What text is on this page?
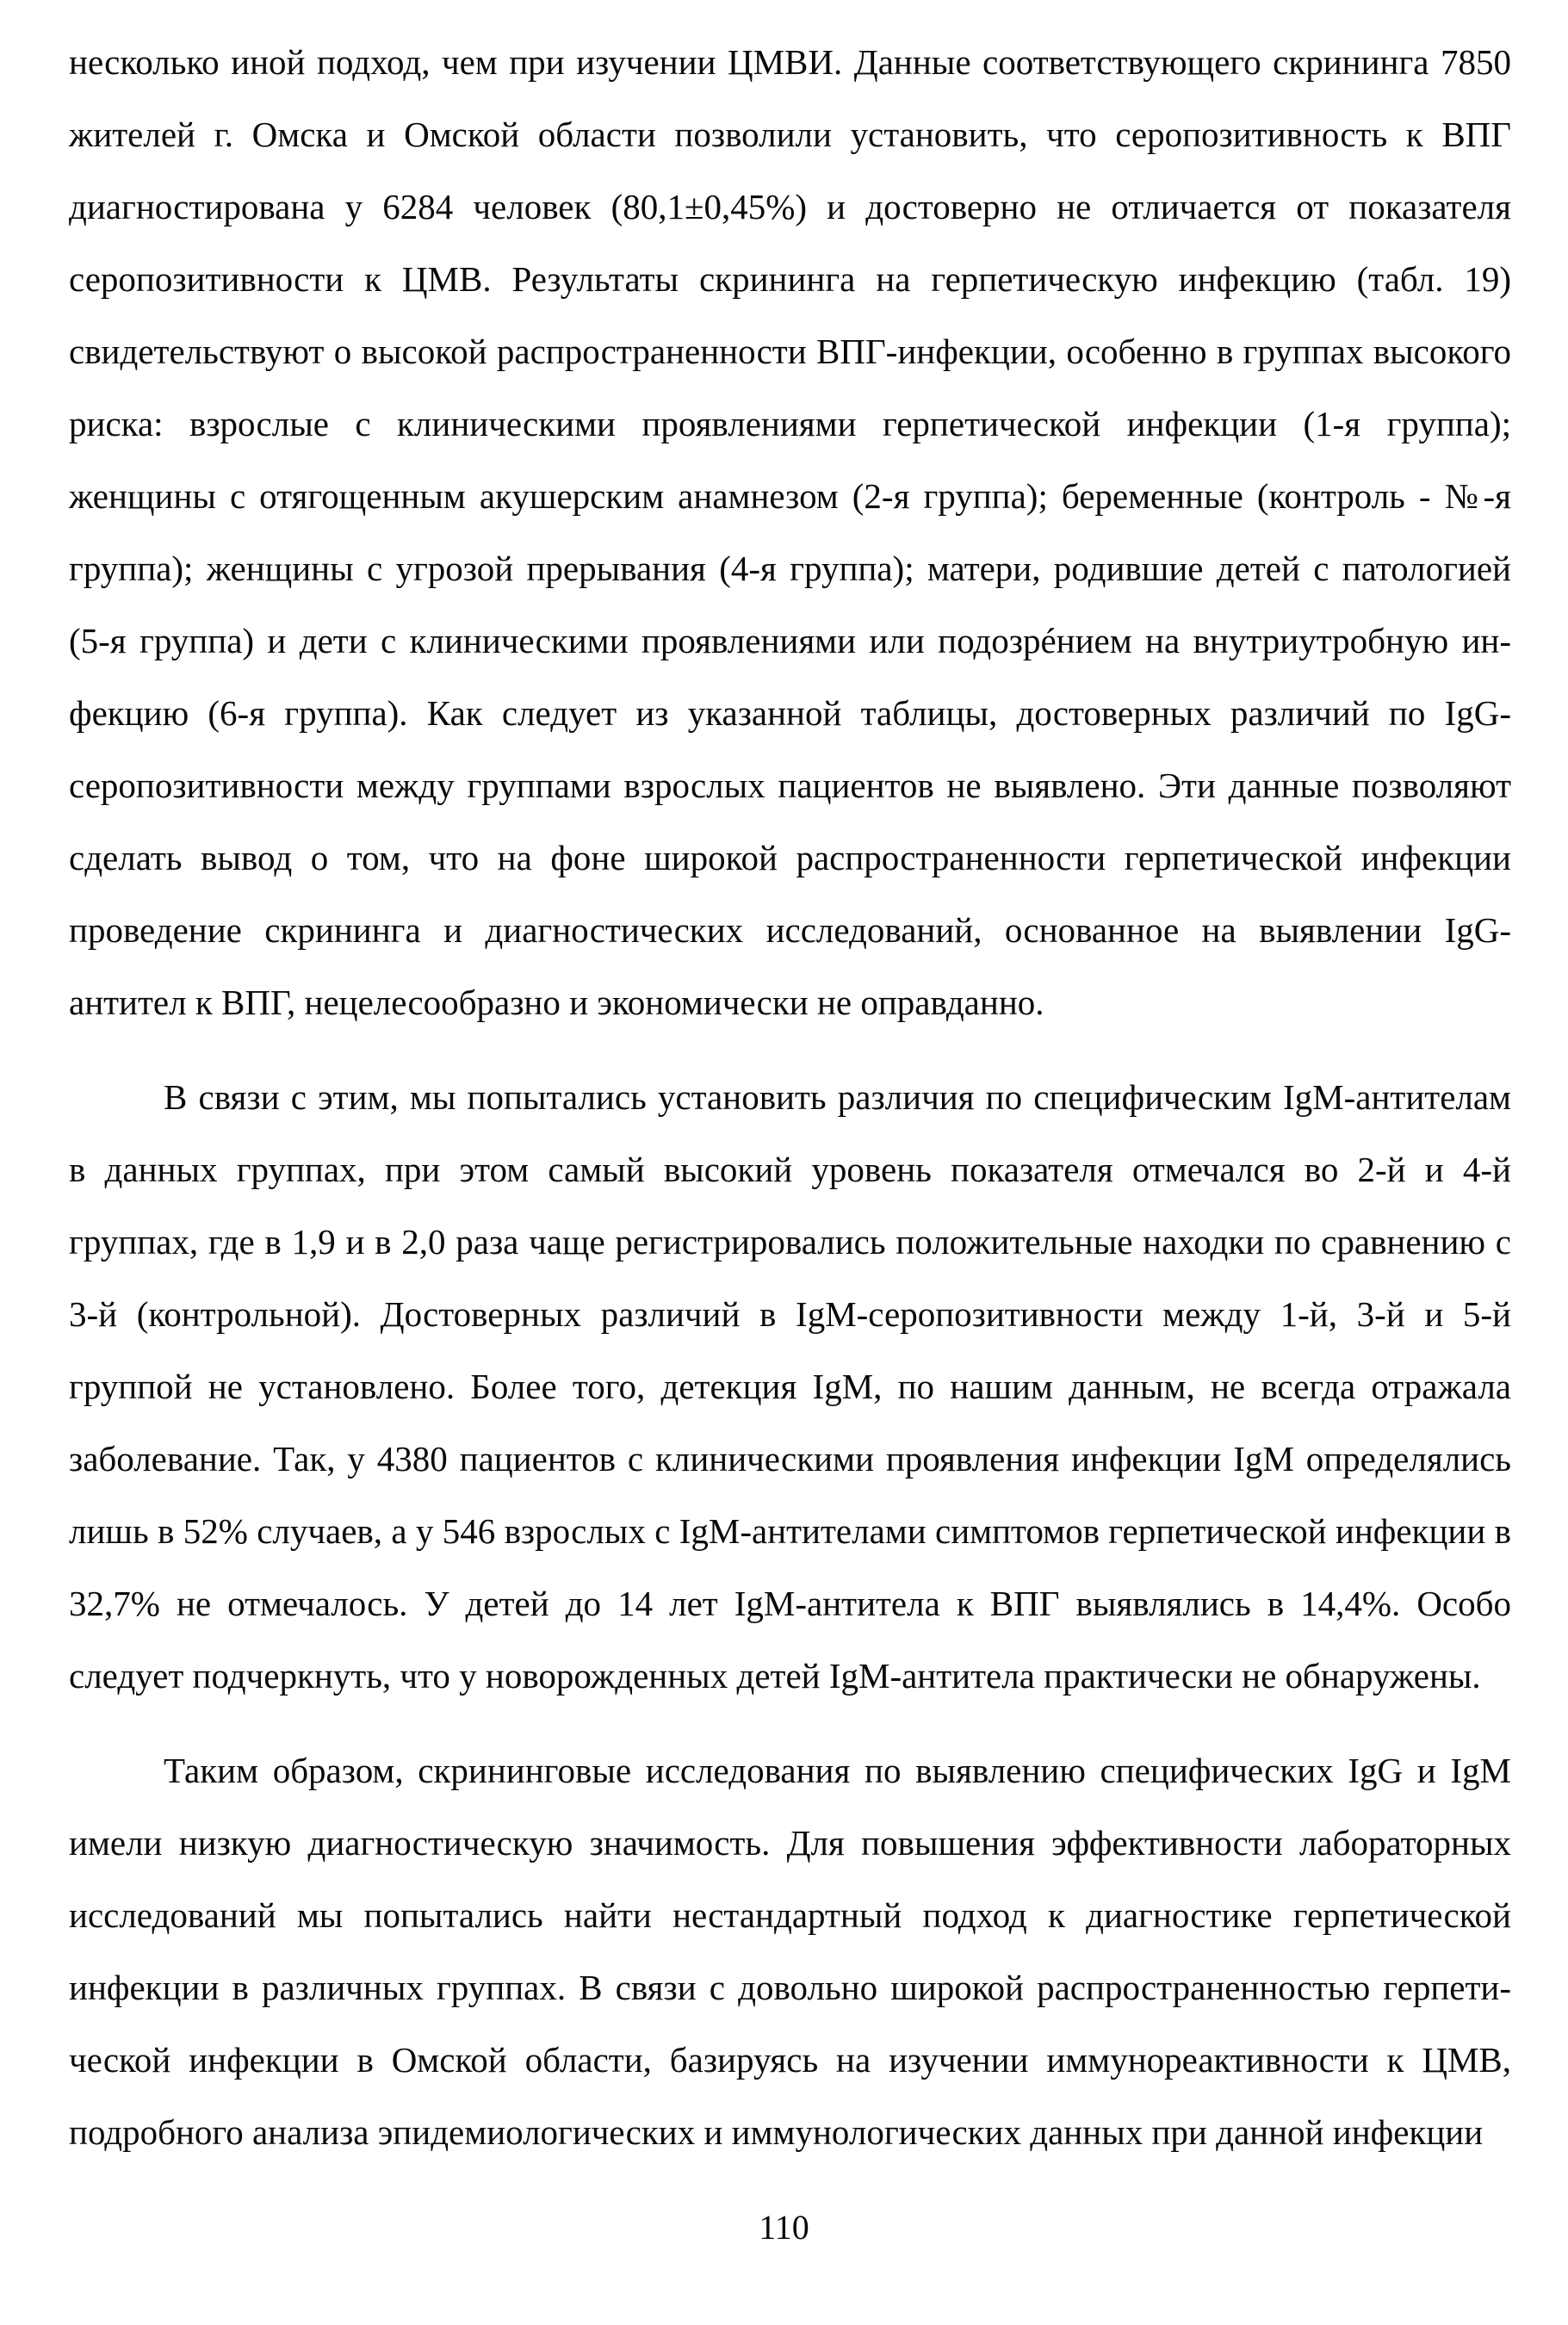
несколько иной подход, чем при изучении ЦМВИ. Данные соответствующего скрининга 7850 жителей г. Омска и Омской области позволили установить, что серопозитивность к ВПГ диагностирована у 6284 человек (80,1±0,45%) и достоверно не отличается от показателя серопозитивности к ЦМВ. Результаты скрининга на герпетическую инфекцию (табл. 19) свидетельствуют о высокой распространенности ВПГ-инфекции, особенно в группах высокого риска: взрослые с клиническими проявлениями герпетической инфекции (1-я группа); женщины с отягощенным акушерским анамнезом (2-я группа); беременные (контроль - №-я группа); женщины с угрозой прерывания (4-я группа); матери, родившие детей с патологией (5-я группа) и дети с клиническими проявлениями или подозрéнием на внутриутробную инфекцию (6-я группа). Как следует из указанной таблицы, достоверных различий по IgG-серопозитивности между группами взрослых пациентов не выявлено. Эти данные позволяют сделать вывод о том, что на фоне широкой распространенности герпетической инфекции проведение скрининга и диагностических исследований, основанное на выявлении IgG-антител к ВПГ, нецелесообразно и экономически не оправданно.

В связи с этим, мы попытались установить различия по специфическим IgM-антителам в данных группах, при этом самый высокий уровень показателя отмечался во 2-й и 4-й группах, где в 1,9 и в 2,0 раза чаще регистрировались положительные находки по сравнению с 3-й (контрольной). Достоверных различий в IgM-серопозитивности между 1-й, 3-й и 5-й группой не установлено. Более того, детекция IgM, по нашим данным, не всегда отражала заболевание. Так, у 4380 пациентов с клиническими проявления инфекции IgM определялись лишь в 52% случаев, а у 546 взрослых с IgM-антителами симптомов герпетической инфекции в 32,7% не отмечалось. У детей до 14 лет IgM-антитела к ВПГ выявлялись в 14,4%. Особо следует подчеркнуть, что у новорожденных детей IgM-антитела практически не обнаружены.

Таким образом, скрининговые исследования по выявлению специфических IgG и IgM имели низкую диагностическую значимость. Для повышения эффективности лабораторных исследований мы попытались найти нестандартный подход к диагностике герпетической инфекции в различных группах. В связи с довольно широкой распространенностью герпетической инфекции в Омской области, базируясь на изучении иммунореактивности к ЦМВ, подробного анализа эпидемиологических и иммунологических данных при данной инфекции

110
